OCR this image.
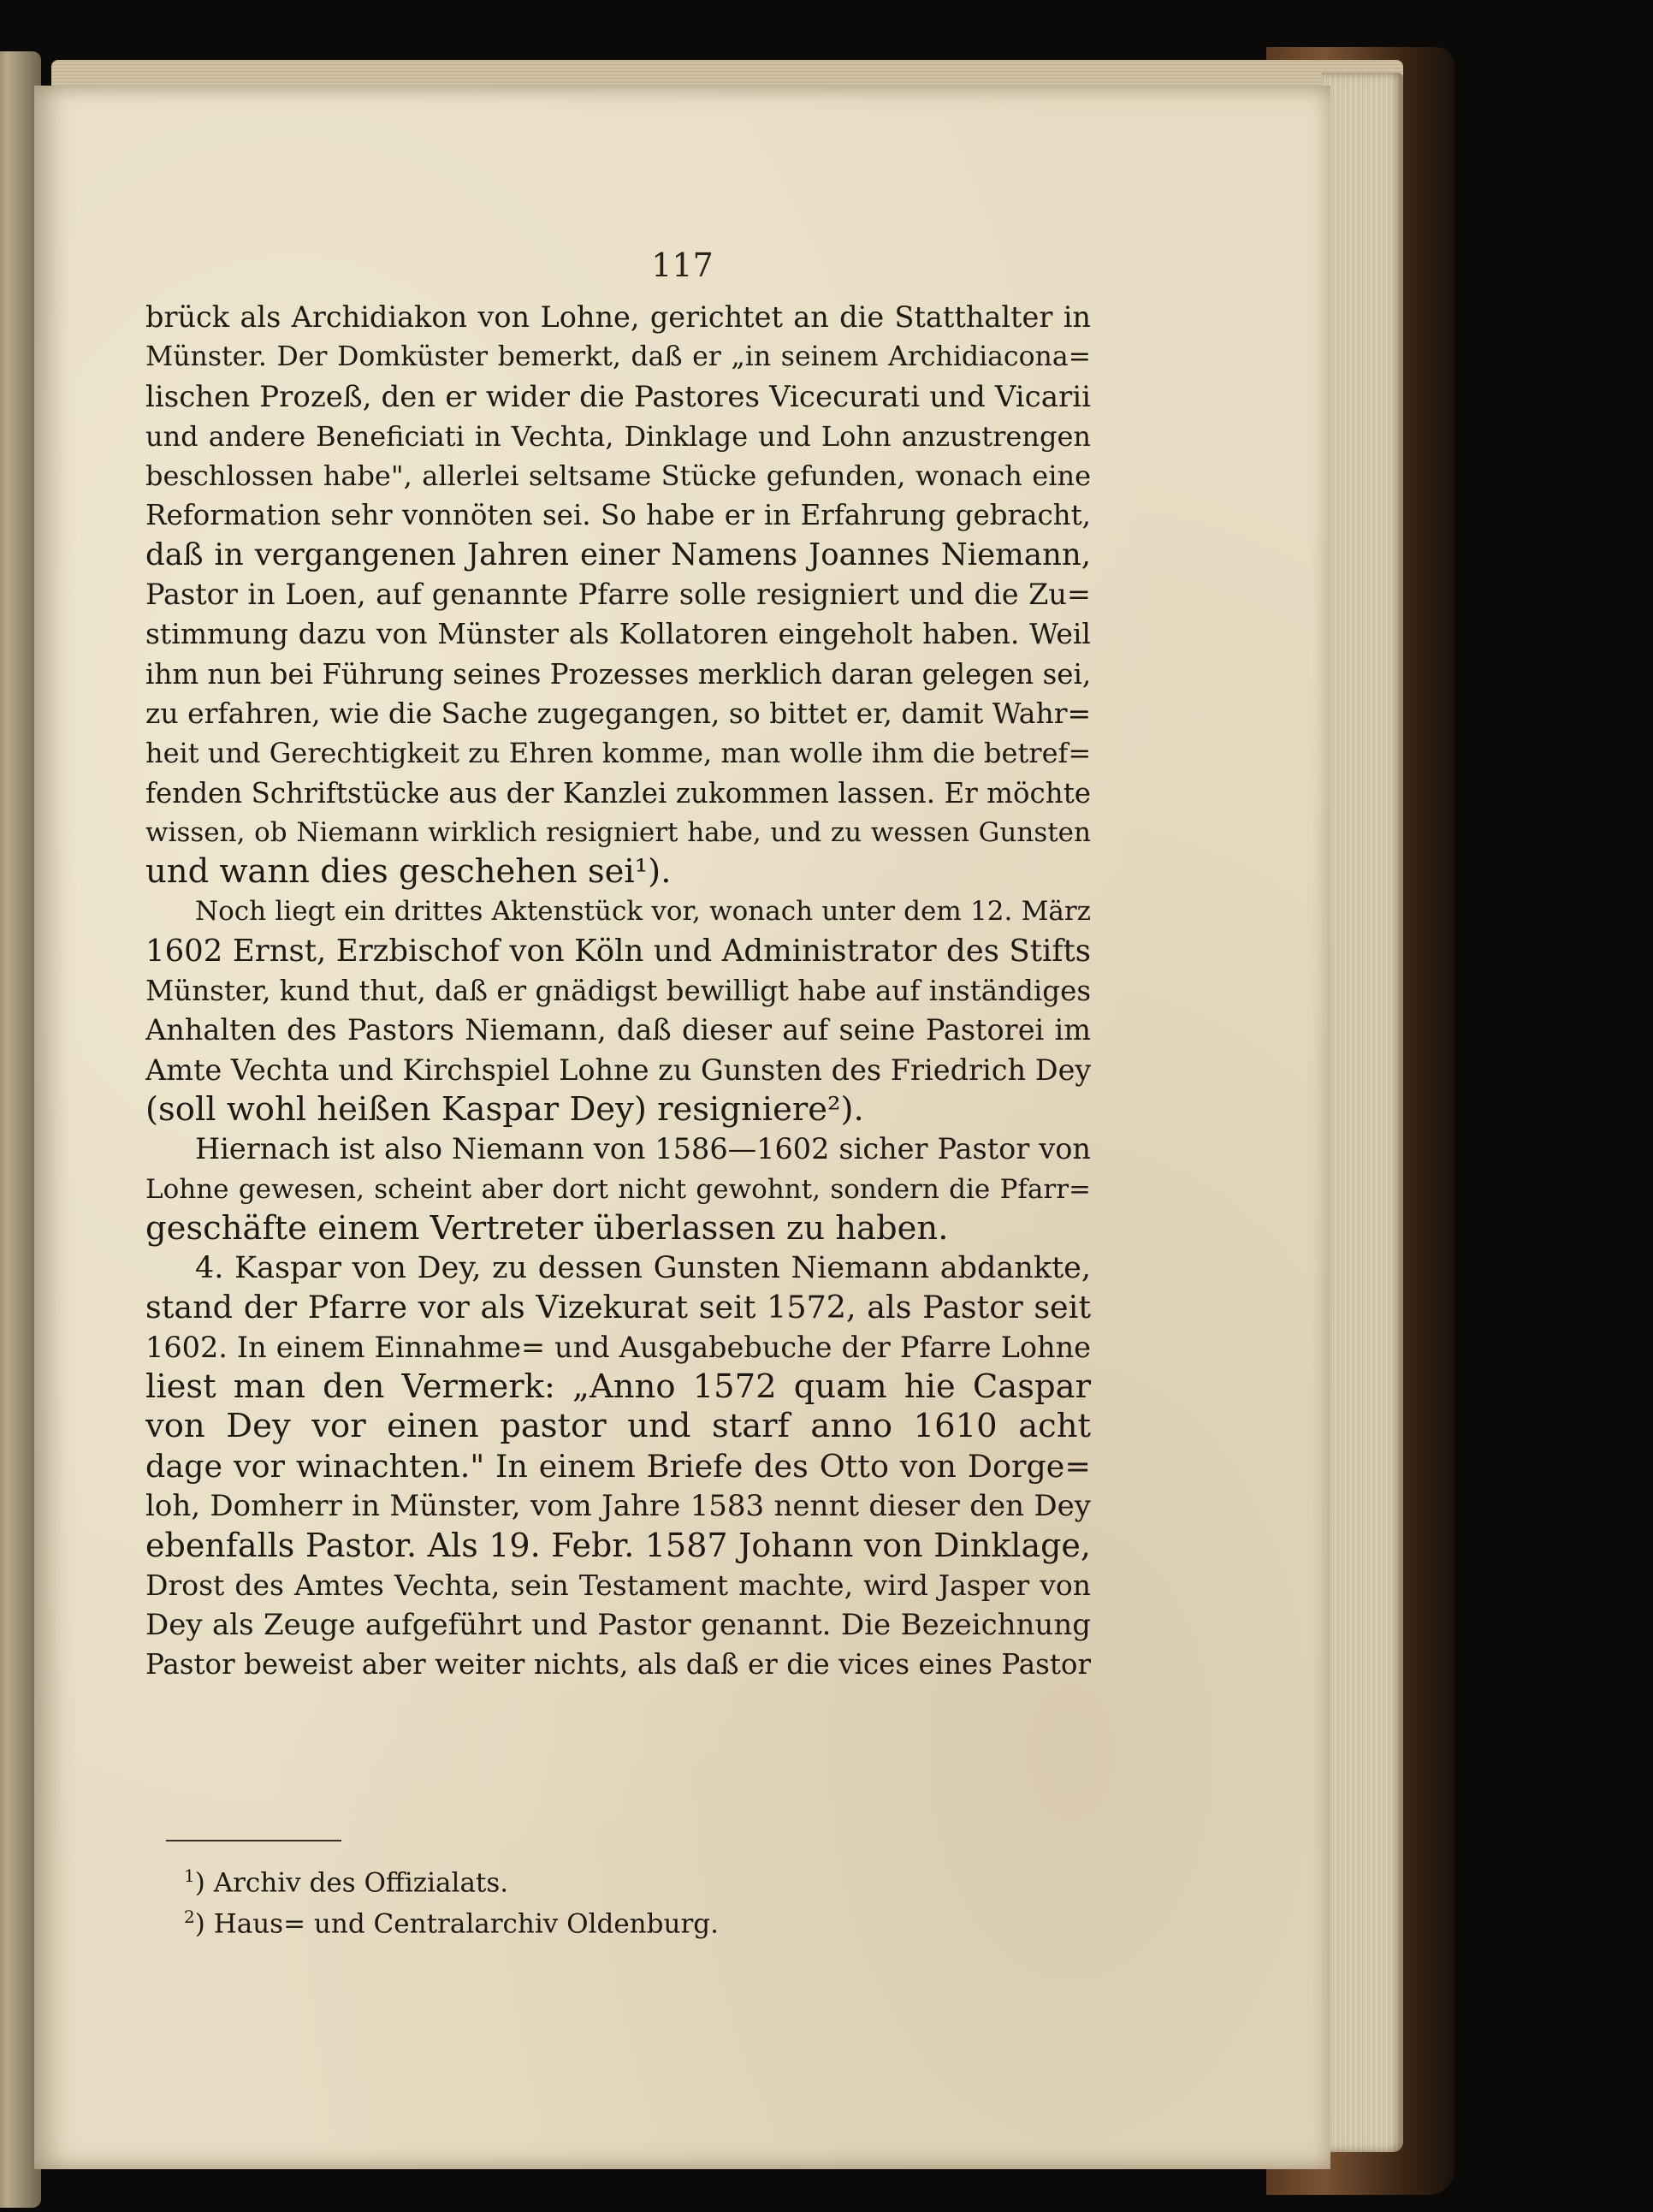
117
brück als Archidiakon von Lohne, gerichtet an die Statthalter in
Münster. Der Domküster bemerkt, daß er „in seinem Archidiacona=
lischen Prozeß, den er wider die Pastores Vicecurati und Vicarii
und andere Beneficiati in Vechta, Dinklage und Lohn anzustrengen
beschlossen habe", allerlei seltsame Stücke gefunden, wonach eine
Reformation sehr vonnöten sei. So habe er in Erfahrung gebracht,
daß in vergangenen Jahren einer Namens Joannes Niemann,
Pastor in Loen, auf genannte Pfarre solle resigniert und die Zu=
stimmung dazu von Münster als Kollatoren eingeholt haben. Weil
ihm nun bei Führung seines Prozesses merklich daran gelegen sei,
zu erfahren, wie die Sache zugegangen, so bittet er, damit Wahr=
heit und Gerechtigkeit zu Ehren komme, man wolle ihm die betref=
fenden Schriftstücke aus der Kanzlei zukommen lassen. Er möchte
wissen, ob Niemann wirklich resigniert habe, und zu wessen Gunsten
und wann dies geschehen sei¹).
Noch liegt ein drittes Aktenstück vor, wonach unter dem 12. März
1602 Ernst, Erzbischof von Köln und Administrator des Stifts
Münster, kund thut, daß er gnädigst bewilligt habe auf inständiges
Anhalten des Pastors Niemann, daß dieser auf seine Pastorei im
Amte Vechta und Kirchspiel Lohne zu Gunsten des Friedrich Dey
(soll wohl heißen Kaspar Dey) resigniere²).
Hiernach ist also Niemann von 1586—1602 sicher Pastor von
Lohne gewesen, scheint aber dort nicht gewohnt, sondern die Pfarr=
geschäfte einem Vertreter überlassen zu haben.
4. Kaspar von Dey, zu dessen Gunsten Niemann abdankte,
stand der Pfarre vor als Vizekurat seit 1572, als Pastor seit
1602. In einem Einnahme= und Ausgabebuche der Pfarre Lohne
liest man den Vermerk: „Anno 1572 quam hie Caspar
von Dey vor einen pastor und starf anno 1610 acht
dage vor winachten." In einem Briefe des Otto von Dorge=
loh, Domherr in Münster, vom Jahre 1583 nennt dieser den Dey
ebenfalls Pastor. Als 19. Febr. 1587 Johann von Dinklage,
Drost des Amtes Vechta, sein Testament machte, wird Jasper von
Dey als Zeuge aufgeführt und Pastor genannt. Die Bezeichnung
Pastor beweist aber weiter nichts, als daß er die vices eines Pastor
$^1$) Archiv des Offizialats.
$^2$) Haus= und Centralarchiv Oldenburg.
